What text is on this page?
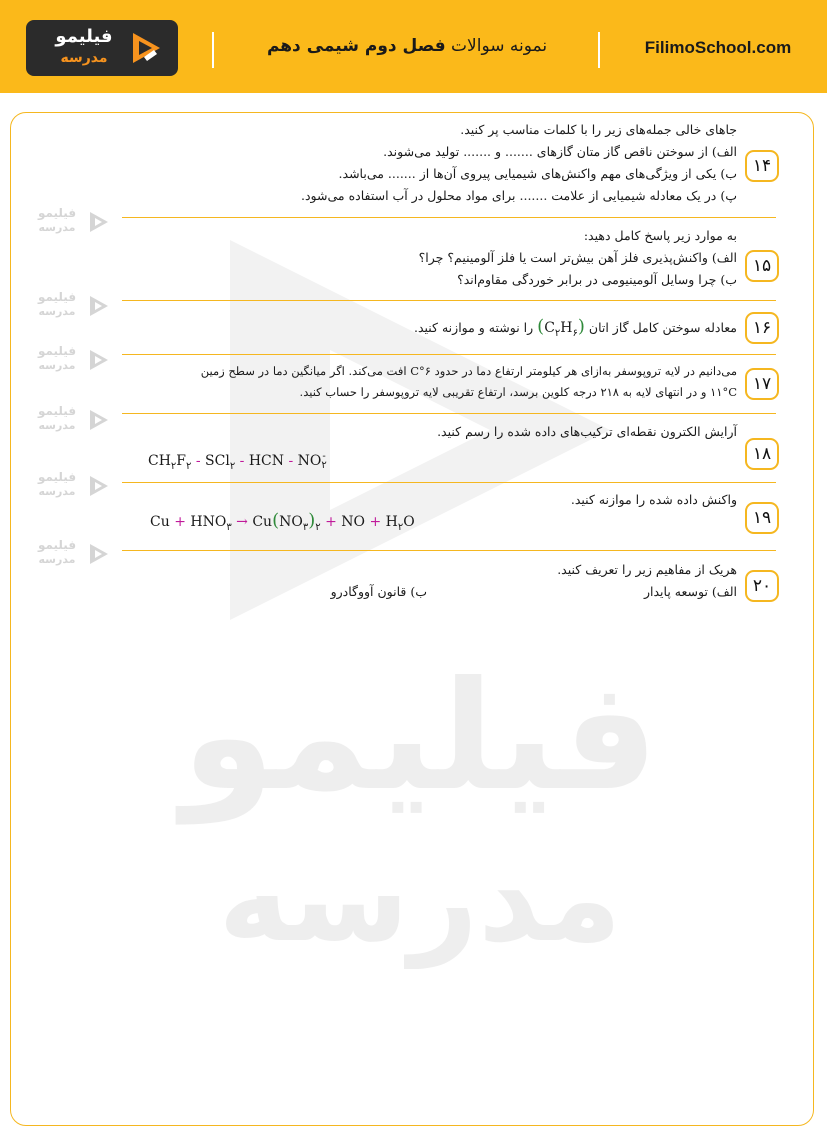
فیلیمو
مدرسه
نمونه سوالات فصل دوم شیمی دهم	FilimoSchool.com
فیلیمو
مدرسه
فیلیمو
مدرسه
فیلیمو
مدرسه
فیلیمو
مدرسه
فیلیمو
مدرسه
فیلیمو
مدرسه
فیلیمو
مدرسه
۱۴
جاهای خالی جمله‌های زیر را با کلمات مناسب پر کنید.
الف) از سوختن ناقص گاز متان گازهای ....... و ....... تولید می‌شوند.
ب) یکی از ویژگی‌های مهم واکنش‌های شیمیایی پیروی آن‌ها از ....... می‌باشد.
پ) در یک معادله شیمیایی از علامت ....... برای مواد محلول در آب استفاده می‌شود.
۱۵
به موارد زیر پاسخ کامل دهید:
الف) واکنش‌پذیری فلز آهن بیش‌تر است یا فلز آلومینیم؟ چرا؟
ب) چرا وسایل آلومینیومی در برابر خوردگی مقاوم‌اند؟
۱۶
معادله سوختن کامل گاز اتان $(C_۲H_۶)$ را نوشته و موازنه کنید.
۱۷
می‌دانیم در لایه تروپوسفر به‌ازای هر کیلومتر ارتفاع دما در حدود ۶°C افت می‌کند. اگر میانگین دما در سطح زمین
۱۱°C و در انتهای لایه به ۲۱۸ درجه کلوین برسد، ارتفاع تقریبی لایه تروپوسفر را حساب کنید.
۱۸
آرایش الکترون نقطه‌ای ترکیب‌های داده شده را رسم کنید.
$CH_۲F_۲ - SCl_۲$ - HCN - NO -
۲
۱۹
واکنش داده شده را موازنه کنید.
$Cu + HNO_۳ \to Cu(NO_۳)_۲$ + NO + $H_۲O$
۲۰
هریک از مفاهیم زیر را تعریف کنید.
الف) توسعه پایدار
ب) قانون آووگادرو
